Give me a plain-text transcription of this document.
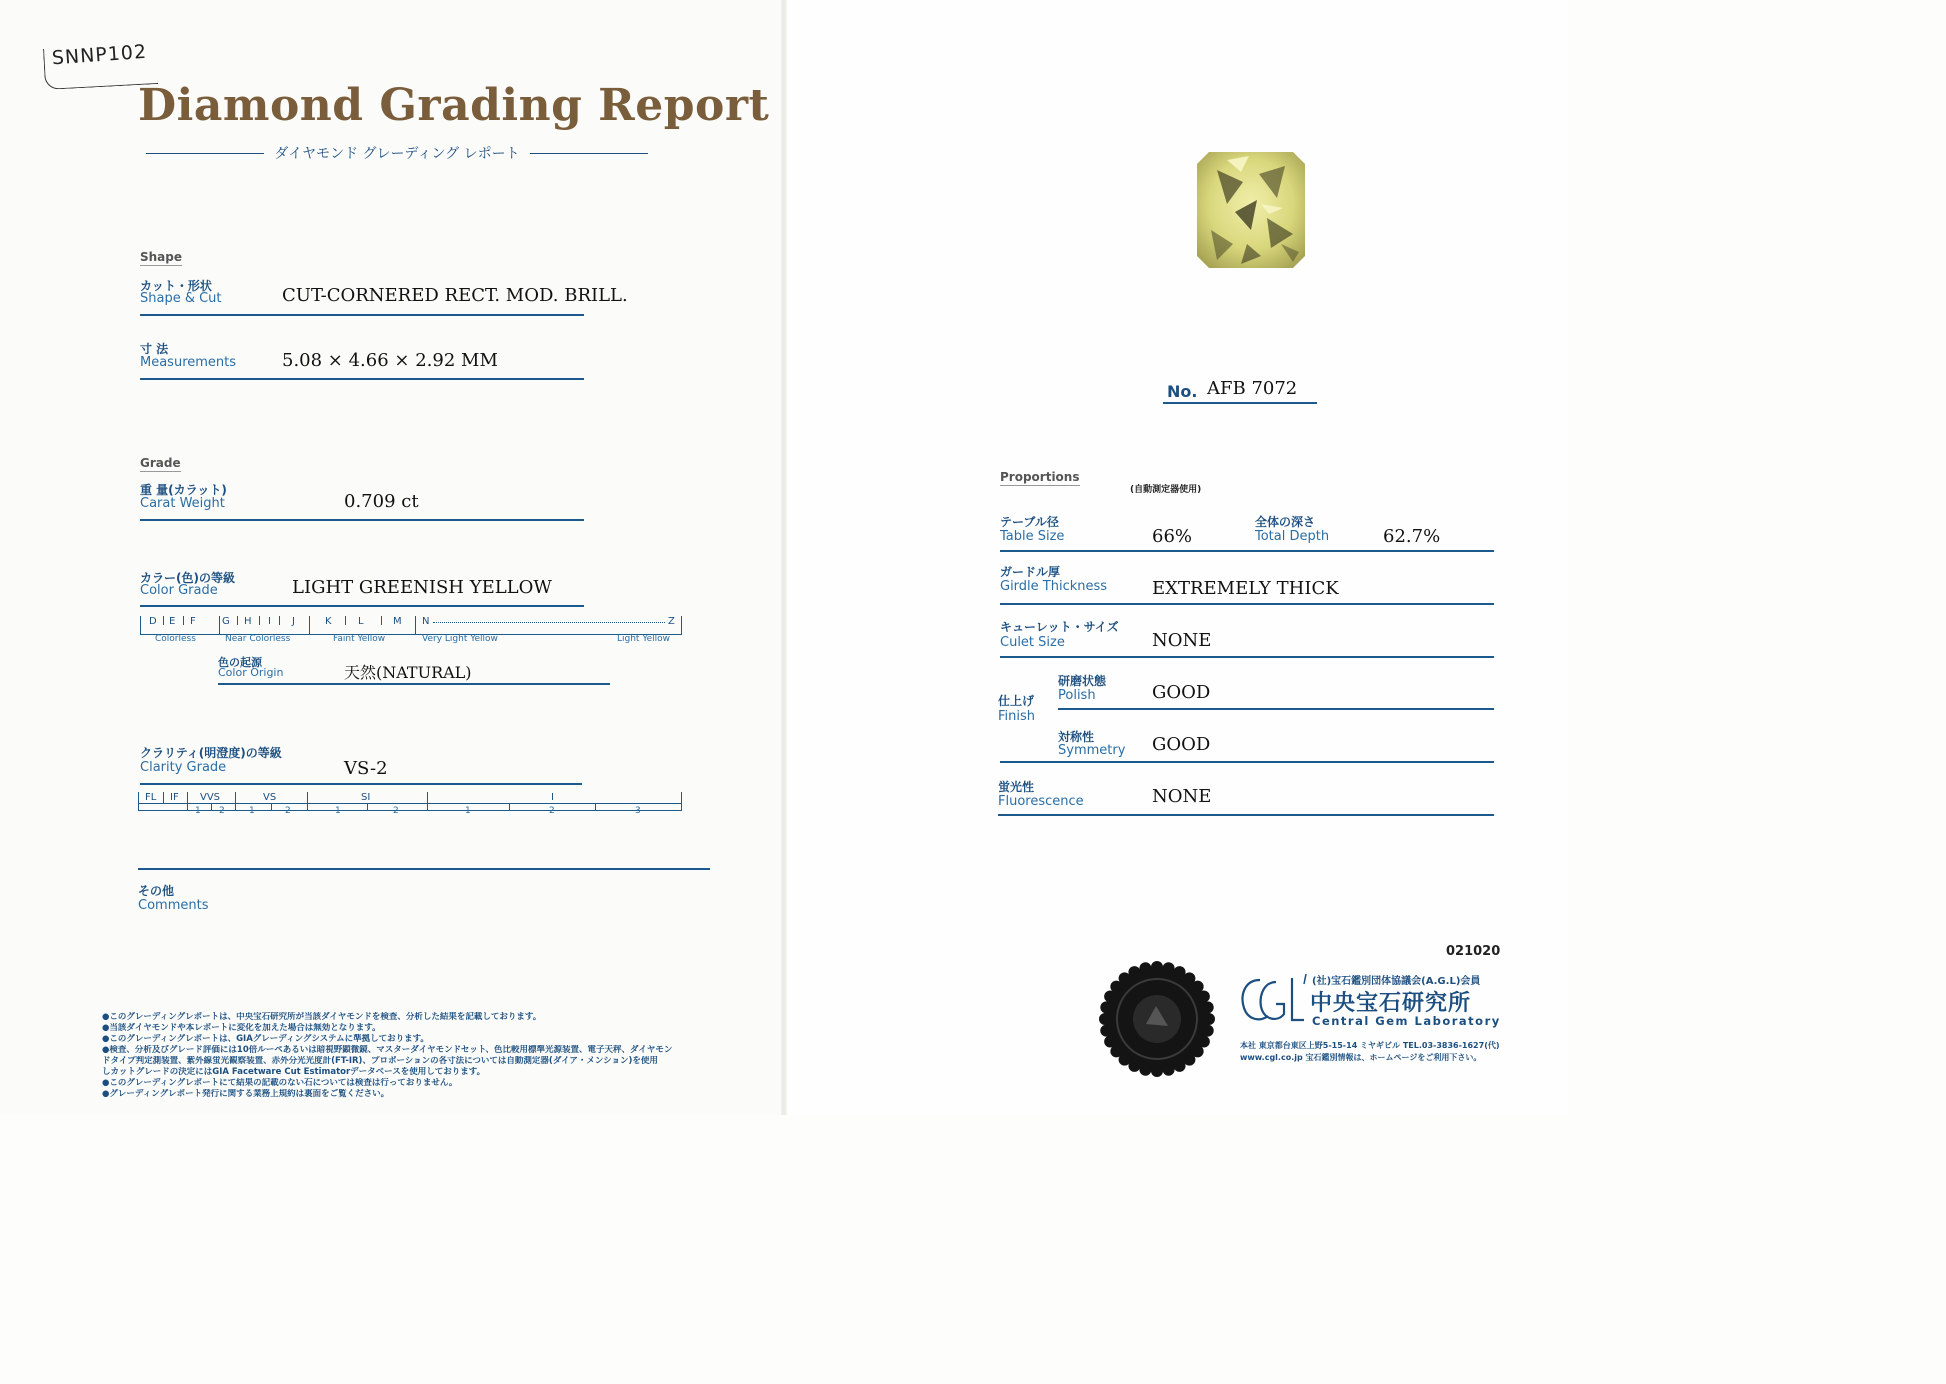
SNNP102
Diamond Grading Report
ダイヤモンド グレーディング レポート
Shape
カット・形状
Shape & Cut	CUT-CORNERED RECT. MOD. BRILL.
寸 法
Measurements	5.08 × 4.66 × 2.92 MM
Grade
重 量(カラット)
Carat Weight	0.709 ct
カラー(色)の等級
Color Grade	LIGHT GREENISH YELLOW
D E F	G H I J	K	L	M N	Z
Colorless	Near Colorless	Faint Yellow	Very Light Yellow	Light Yellow
色の起源
Color Origin	天然(NATURAL)
クラリティ(明澄度)の等級
Clarity Grade	VS-2
FL IF VVS	VS	SI	I
1 2	1	2	1	2	1	2	3
その他
Comments
●このグレーディングレポートは、中央宝石研究所が当該ダイヤモンドを検査、分析した結果を記載しております。
●当該ダイヤモンドや本レポートに変化を加えた場合は無効となります。
●このグレーディングレポートは、GIAグレーディングシステムに準拠しております。
●検査、分析及びグレード評価には10倍ルーペあるいは暗視野顕微鏡、マスターダイヤモンドセット、色比較用標準光源装置、電子天秤、ダイヤモン
ドタイプ判定測装置、紫外線蛍光観察装置、赤外分光光度計(FT-IR)、プロポーションの各寸法については自動測定器(ダイア・メンション)を使用
しカットグレードの決定にはGIA Facetware Cut Estimatorデータベースを使用しております。
●このグレーディングレポートにて結果の記載のない石については検査は行っておりません。
●グレーディングレポート発行に関する業務上規約は裏面をご覧ください。
No. AFB 7072
Proportions
(自動測定器使用)
テーブル径
Table Size	66%
全体の深さ
Total Depth	62.7%
ガードル厚
Girdle Thickness EXTREMELY THICK
キューレット・サイズ
Culet Size	NONE
仕上げ
Finish
研磨状態
Polish	GOOD
対称性
Symmetry GOOD
蛍光性
Fluorescence	NONE
021020
(社)宝石鑑別団体協議会(A.G.L)会員
中央宝石研究所
Central Gem Laboratory
本社 東京都台東区上野5-15-14 ミヤギビル TEL.03-3836-1627(代)
www.cgl.co.jp 宝石鑑別情報は、ホームページをご利用下さい。
